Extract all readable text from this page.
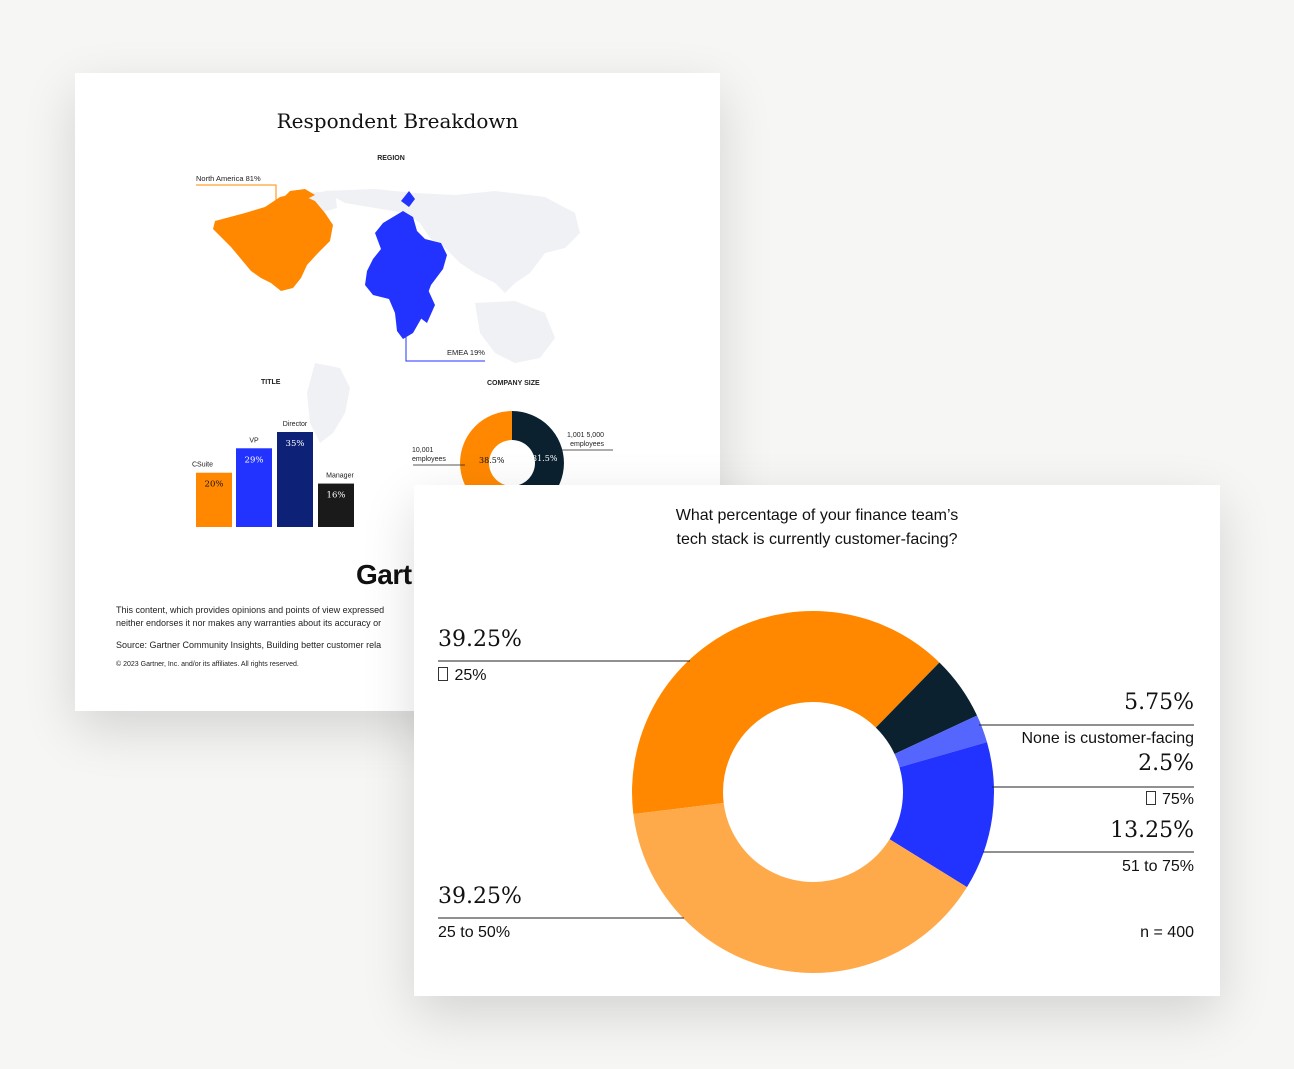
Respondent Breakdown
REGION
North America 81%
EMEA 19%
TITLE	COMPANY SIZE
20%
C‍Suite	29%
VP	35%
Director
16%
Manager
38.5%	31.5%
10,001
employees
1,001 5,000
employees
Gart
This content, which provides opinions and points of view expressed
neither endorses it nor makes any warranties about its accuracy or
Source: Gartner Community Insights, Building better customer rela
© 2023 Gartner, Inc. and/or its affiliates. All rights reserved.
What percentage of your finance team’s
tech stack is currently customer-facing?
39.25%
25%
5.75%
None is customer-facing
2.5%
75%
13.25%
51 to 75%
39.25%
25 to 50%	n = 400
